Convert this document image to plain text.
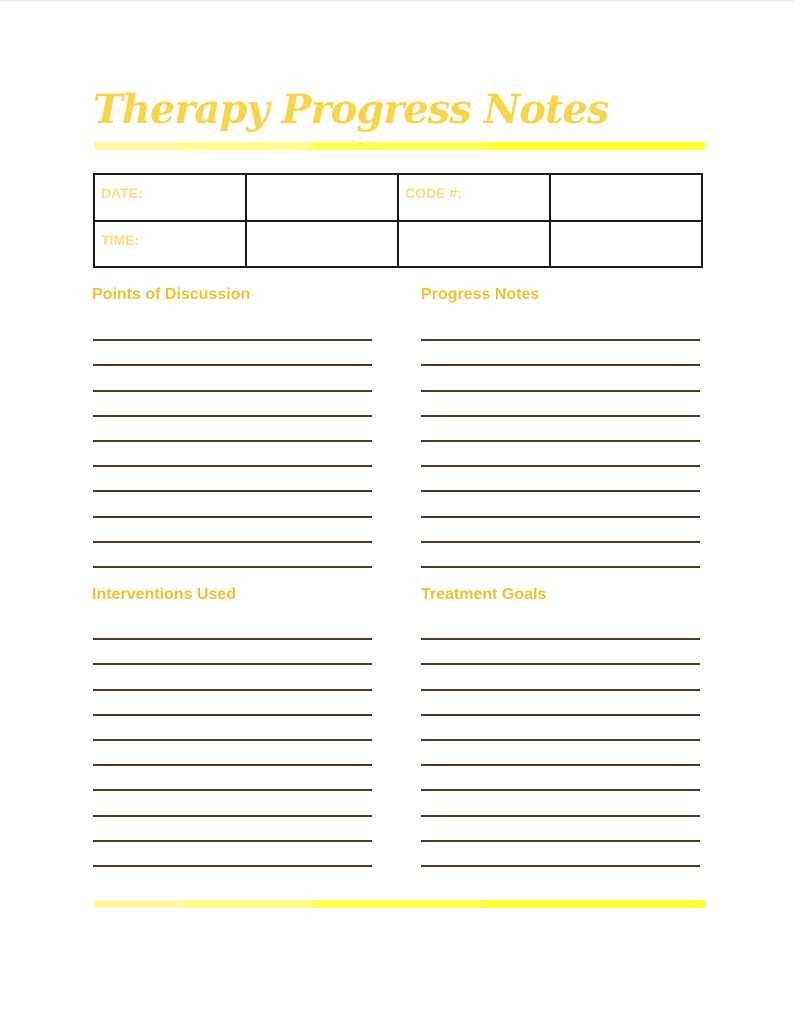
Therapy Progress Notes
DATE:		CODE #:	
TIME:			
Points of Discussion	Progress Notes
Interventions Used	Treatment Goals
